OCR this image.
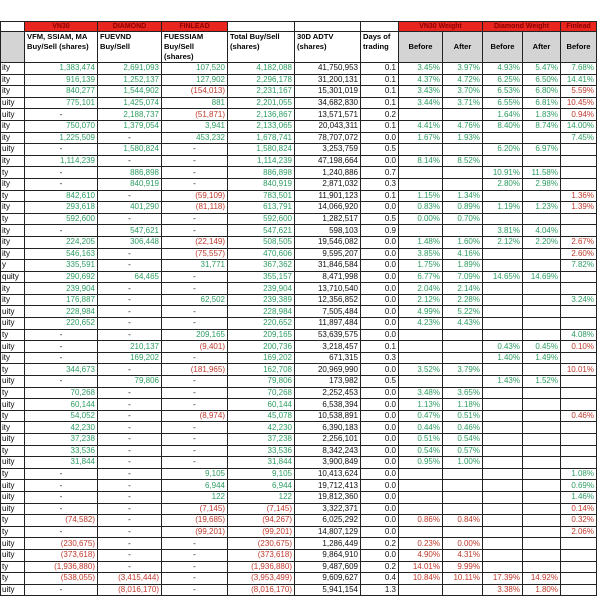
	VN30	DIAMOND	FINLEAD				VN30 Weight		Diamond Weight		Finlead
	VFM, SSIAM, MA Buy/Sell (shares)	FUEVND Buy/Sell	FUESSIAM Buy/Sell (shares)	Total Buy/Sell (shares)	30D ADTV (shares)	Days of trading	Before	After	Before	After	Before
ity	1,383,474	2,691,093	107,520	4,182,088	41,750,953	0.1	3.45%	3.97%	4.93%	5.47%	7.68%
ity	916,139	1,252,137	127,902	2,296,178	31,200,131	0.1	4.37%	4.72%	6.25%	6.50%	14.41%
ity	840,277	1,544,902	(154,013)	2,231,167	15,301,019	0.1	3.43%	3.70%	6.53%	6.80%	5.59%
uity	775,101	1,425,074	881	2,201,055	34,682,830	0.1	3.44%	3.71%	6.55%	6.81%	10.45%
uity	-	2,188,737	(51,871)	2,136,867	13,571,571	0.2			1.64%	1.83%	0.94%
ity	750,070	1,379,054	3,941	2,133,065	20,043,311	0.1	4.41%	4.76%	8.40%	8.74%	14.00%
ity	1,225,509	-	453,232	1,678,741	78,707,072	0.0	1.67%	1.93%			7.45%
uity	-	1,580,824	-	1,580,824	3,253,759	0.5			6.20%	6.97%	
ity	1,114,239	-	-	1,114,239	47,198,664	0.0	8.14%	8.52%			
ty	-	886,898	-	886,898	1,240,886	0.7			10.91%	11.58%	
ity	-	840,919	-	840,919	2,871,032	0.3			2.80%	2.98%	
ty	842,610	-	(59,109)	783,501	11,901,123	0.1	1.15%	1.34%			1.36%
ity	293,618	401,290	(81,118)	613,791	14,066,920	0.0	0.83%	0.89%	1.19%	1.23%	1.39%
ty	592,600	-	-	592,600	1,282,517	0.5	0.00%	0.70%			
ity	-	547,621	-	547,621	598,103	0.9			3.81%	4.04%	
ity	224,205	306,448	(22,149)	508,505	19,546,082	0.0	1.48%	1.60%	2.12%	2.20%	2.67%
ity	546,163	-	(75,557)	470,606	9,595,207	0.0	3.85%	4.16%			2.60%
y	335,591	-	31,771	367,362	31,846,584	0.0	1.75%	1.89%			7.82%
quity	290,692	64,465	-	355,157	8,471,998	0.0	6.77%	7.09%	14.65%	14.69%	
ity	239,904	-	-	239,904	13,710,540	0.0	2.04%	2.14%			
ity	176,887	-	62,502	239,389	12,356,852	0.0	2.12%	2.28%			3.24%
uity	228,984	-	-	228,984	7,505,484	0.0	4.99%	5.22%			
uity	220,652	-	-	220,652	11,897,484	0.0	4.23%	4.43%			
ty	-	-	209,165	209,165	53,639,575	0.0					4.08%
uity	-	210,137	(9,401)	200,736	3,218,457	0.1			0.43%	0.45%	0.10%
ity	-	169,202	-	169,202	671,315	0.3			1.40%	1.49%	
ty	344,673	-	(181,965)	162,708	20,969,990	0.0	3.52%	3.79%			10.01%
uity	-	79,806	-	79,806	173,982	0.5			1.43%	1.52%	
ty	70,268	-	-	70,268	2,252,453	0.0	3.48%	3.65%			
uity	60,144	-	-	60,144	6,538,394	0.0	1.13%	1.18%			
ty	54,052	-	(8,974)	45,078	10,538,891	0.0	0.47%	0.51%			0.46%
ity	42,230	-	-	42,230	6,390,183	0.0	0.44%	0.46%			
uity	37,238	-	-	37,238	2,256,101	0.0	0.51%	0.54%			
ty	33,536	-	-	33,536	8,342,243	0.0	0.54%	0.57%			
uity	31,844	-	-	31,844	3,900,849	0.0	0.95%	1.00%			
ty	-	-	9,105	9,105	10,413,624	0.0					1.08%
uity	-	-	6,944	6,944	19,712,413	0.0					0.69%
uity	-	-	122	122	19,812,360	0.0					1.46%
uity	-	-	(7,145)	(7,145)	3,322,371	0.0					0.14%
ty	(74,582)	-	(19,685)	(94,267)	6,025,292	0.0	0.86%	0.84%			0.32%
ty	-	-	(99,201)	(99,201)	14,807,129	0.0					2.06%
uity	(230,675)	-	-	(230,675)	1,286,449	0.2	0.23%	0.00%			
uity	(373,618)	-	-	(373,618)	9,864,910	0.0	4.90%	4.31%			
ty	(1,936,880)	-	-	(1,936,880)	9,487,609	0.2	14.01%	9.99%			
ty	(538,055)	(3,415,444)	-	(3,953,499)	9,609,627	0.4	10.84%	10.11%	17.39%	14.92%	
uity	-	(8,016,170)	-	(8,016,170)	5,941,154	1.3			3.38%	1.80%	
